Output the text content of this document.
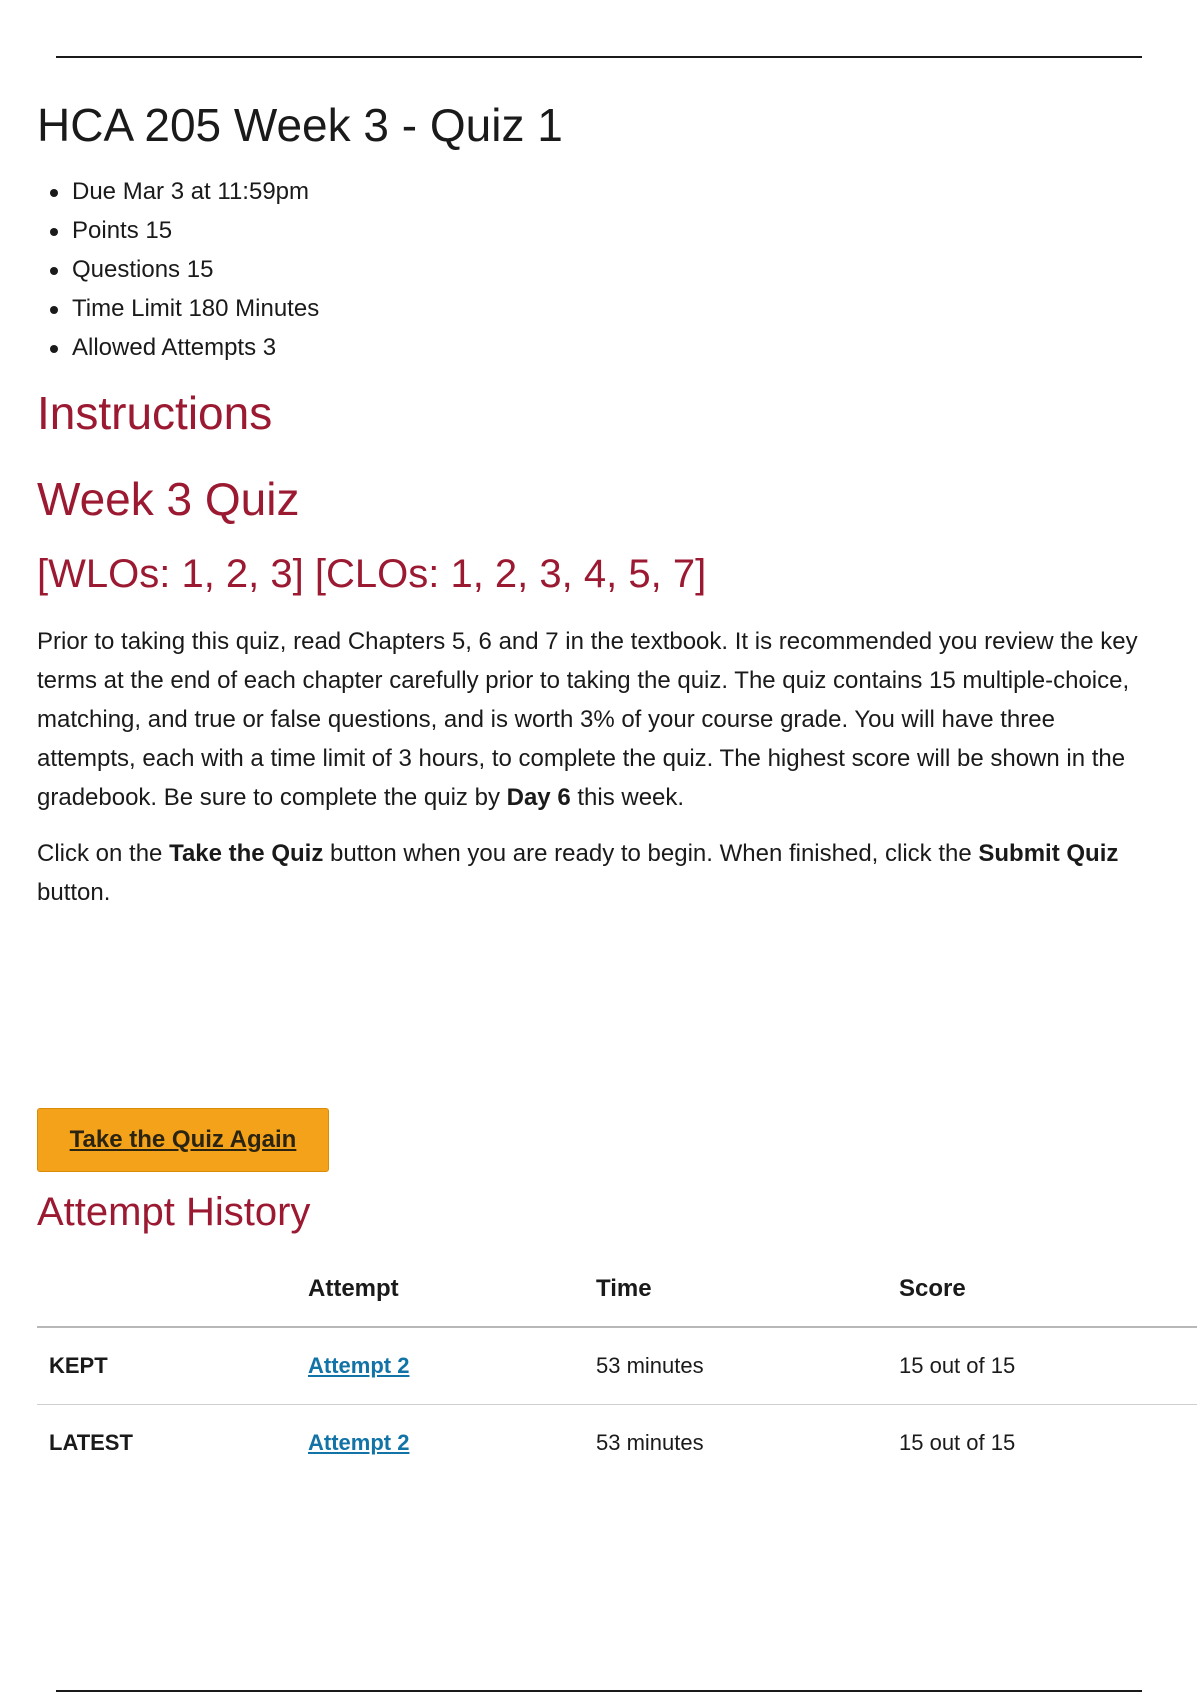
HCA 205 Week 3 - Quiz 1
Due Mar 3 at 11:59pm
Points 15
Questions 15
Time Limit 180 Minutes
Allowed Attempts 3
Instructions
Week 3 Quiz
[WLOs: 1, 2, 3] [CLOs: 1, 2, 3, 4, 5, 7]

Prior to taking this quiz, read Chapters 5, 6 and 7 in the textbook. It is recommended you review the key terms at the end of each chapter carefully prior to taking the quiz. The quiz contains 15 multiple-choice, matching, and true or false questions, and is worth 3% of your course grade. You will have three attempts, each with a time limit of 3 hours, to complete the quiz. The highest score will be shown in the gradebook. Be sure to complete the quiz by Day 6 this week.

Click on the Take the Quiz button when you are ready to begin. When finished, click the Submit Quiz button.

Take the Quiz Again
Attempt History
	Attempt	Time	Score
KEPT	Attempt 2	53 minutes	15 out of 15
LATEST	Attempt 2	53 minutes	15 out of 15
